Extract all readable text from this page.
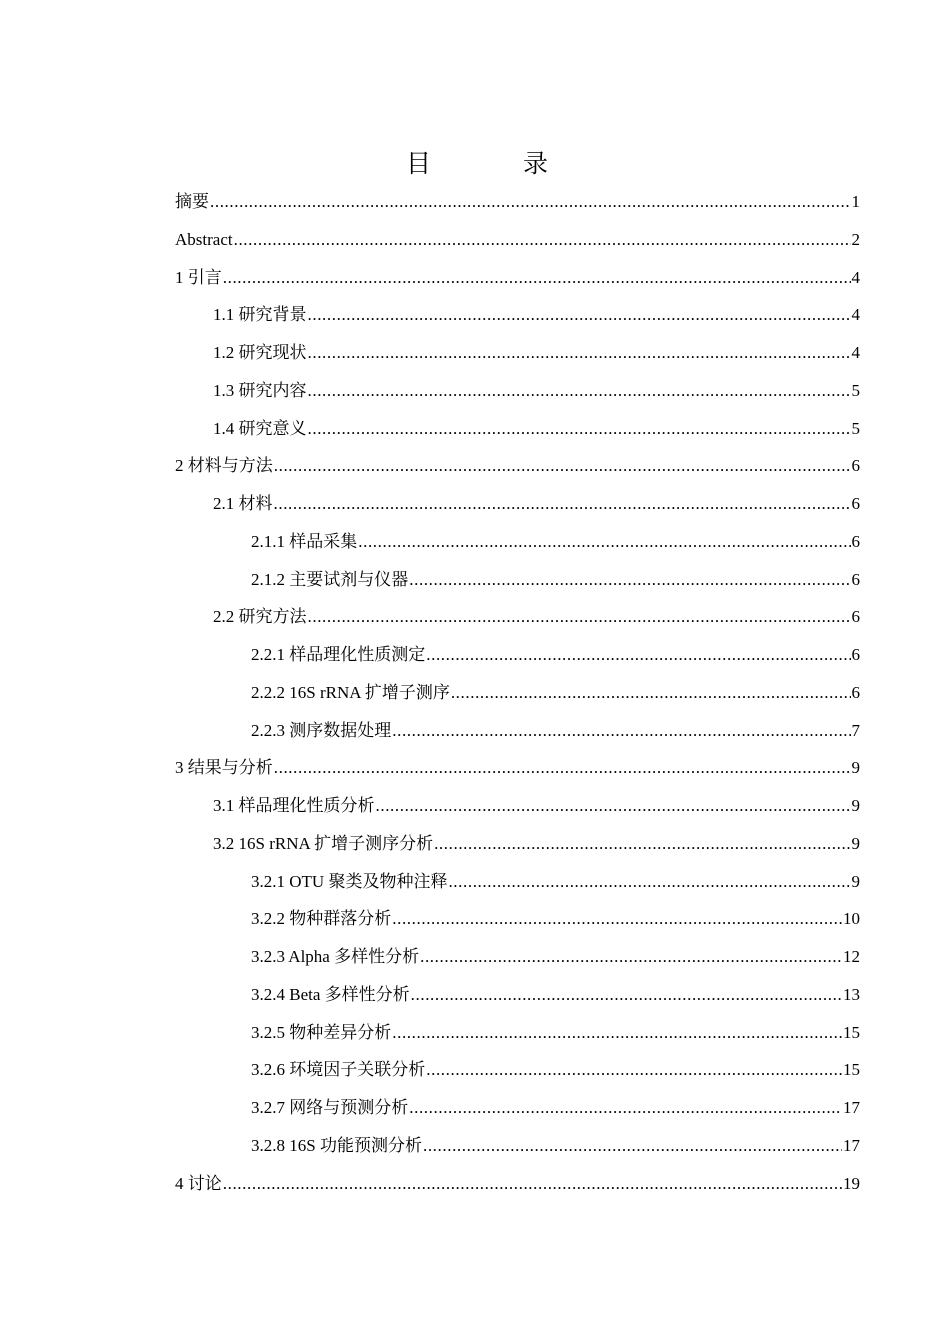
目 录
摘要 .....	1
Abstract .....	2
1 引言 .....	4
1.1 研究背景 .....	4
1.2 研究现状 .....	4
1.3 研究内容 .....	5
1.4 研究意义 .....	5
2 材料与方法 .....	6
2.1 材料 .....	6
2.1.1 样品采集 .....	6
2.1.2 主要试剂与仪器 .....	6
2.2 研究方法 .....	6
2.2.1 样品理化性质测定 .....	6
2.2.2 16S rRNA 扩增子测序 .....	6
2.2.3 测序数据处理 .....	7
3 结果与分析 .....	9
3.1 样品理化性质分析 .....	9
3.2 16S rRNA 扩增子测序分析 .....	9
3.2.1 OTU 聚类及物种注释 .....	9
3.2.2 物种群落分析 .....	10
3.2.3 Alpha 多样性分析 .....	12
3.2.4 Beta 多样性分析 .....	13
3.2.5 物种差异分析 .....	15
3.2.6 环境因子关联分析 .....	15
3.2.7 网络与预测分析 .....	17
3.2.8 16S 功能预测分析 .....	17
4 讨论 .....	19
